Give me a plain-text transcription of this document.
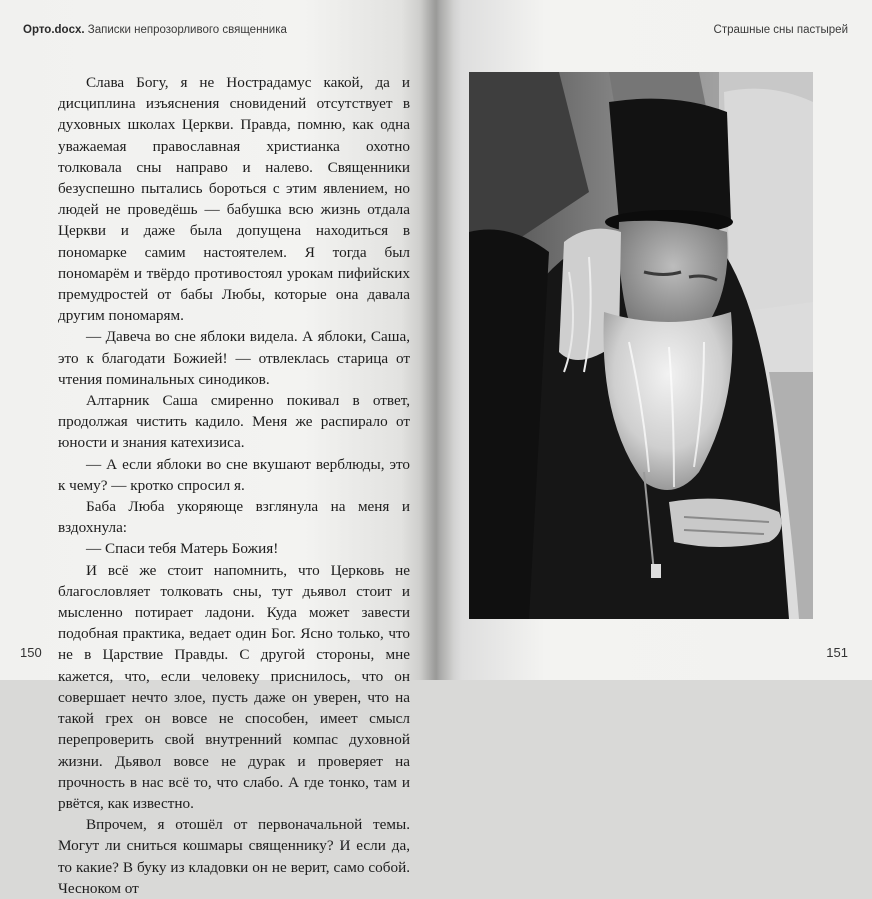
Орто.docx. Записки непрозорливого священника

Слава Богу, я не Нострадамус какой, да и дисциплина изъяснения сновидений отсутствует в духовных школах Церкви. Правда, помню, как одна уважаемая православная христианка охотно толковала сны направо и налево. Священники безуспешно пытались бороться с этим явлением, но людей не проведёшь — бабушка всю жизнь отдала Церкви и даже была допущена находиться в пономарке самим настоятелем. Я тогда был пономарём и твёрдо противостоял урокам пифийских премудростей от бабы Любы, которые она давала другим пономарям.

— Давеча во сне яблоки видела. А яблоки, Саша, это к благодати Божией! — отвлеклась старица от чтения поминальных синодиков.

Алтарник Саша смиренно покивал в ответ, продолжая чистить кадило. Меня же распирало от юности и знания катехизиса.

— А если яблоки во сне вкушают верблюды, это к чему? — кротко спросил я.

Баба Люба укоряюще взглянула на меня и вздохнула:

— Спаси тебя Матерь Божия!

И всё же стоит напомнить, что Церковь не благословляет толковать сны, тут дьявол стоит и мысленно потирает ладони. Куда может завести подобная практика, ведает один Бог. Ясно только, что не в Царствие Правды. С другой стороны, мне кажется, что, если человеку приснилось, что он совершает нечто злое, пусть даже он уверен, что на такой грех он вовсе не способен, имеет смысл перепроверить свой внутренний компас духовной жизни. Дьявол вовсе не дурак и проверяет на прочность в нас всё то, что слабо. А где тонко, там и рвётся, как известно.

Впрочем, я отошёл от первоначальной темы. Могут ли сниться кошмары священнику? И если да, то какие? В буку из кладовки он не верит, само собой. Чесноком от

150
Страшные сны пастырей
151
